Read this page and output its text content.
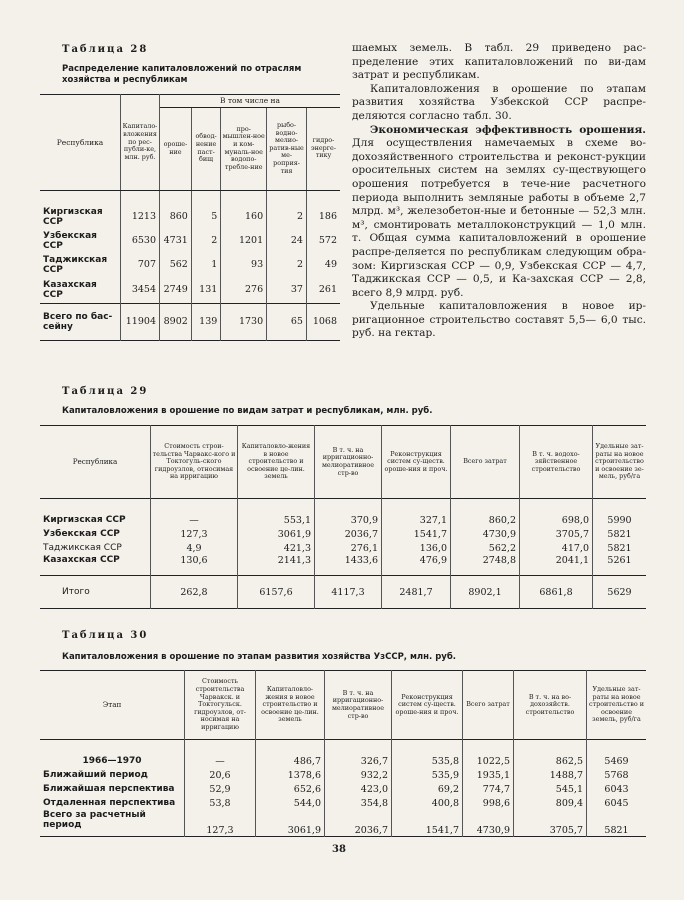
Таблица 28
Распределение капиталовложений по отраслям хозяйства и республикам
Республика	Капитало-вложения по рес-публи-ке, млн. руб.	В том числе на				
		ороше-ние	обвод-нение паст-бищ	про-мышлен-ное и ком-муналь-ное водопо-требле-ние	рыбо-водно-мелио-ратив-ные ме-роприя-тия	гидро-энерге-тику

Киргизская ССР	1213	860	5	160	2	186
Узбекская ССР	6530	4731	2	1201	24	572
Таджикская ССР	707	562	1	93	2	49
Казахская ССР	3454	2749	131	276	37	261
Всего по бас-сейну	11904	8902	139	1730	65	1068

шаемых земель. В табл. 29 приведено рас-пределение этих капиталовложений по ви-дам затрат и республикам.

Капиталовложения в орошение по этапам развития хозяйства Узбекской ССР распре-деляются согласно табл. 30.

Экономическая эффективность орошения. Для осуществления намечаемых в схеме во-дохозяйственного строительства и реконст-рукции оросительных систем на землях су-ществующего орошения потребуется в тече-ние расчетного периода выполнить земляные работы в объеме 2,7 млрд. м³, железобетон-ные и бетонные — 52,3 млн. м³, смонтировать металлоконструкций — 1,0 млн. т. Общая сумма капиталовложений в орошение распре-деляется по республикам следующим обра-зом: Киргизская ССР — 0,9, Узбекская ССР — 4,7, Таджикская ССР — 0,5, и Ка-захская ССР — 2,8, всего 8,9 млрд. руб.

Удельные капиталовложения в новое ир-ригационное строительство составят 5,5— 6,0 тыс. руб. на гектар.

Таблица 29
Капиталовложения в орошение по видам затрат и республикам, млн. руб.
Республика	Стоимость строи-тельства Чарвакс-кого и Токтогуль-ского гидроузлов, относимая на ирригацию	Капиталовло-жения в новое строительство и освоение це-лин. земель	В т. ч. на ирригационно-мелиоративное стр-во	Реконструкция систем су-ществ. ороше-ния и проч.	Всего затрат	В т. ч. водохо-зяйственное строительство	Удельные зат-раты на новое строительство и освоение зе-мель, руб/га

Киргизская ССР	—	553,1	370,9	327,1	860,2	698,0	5990
Узбекская ССР	127,3	3061,9	2036,7	1541,7	4730,9	3705,7	5821
Таджикская ССР	4,9	421,3	276,1	136,0	562,2	417,0	5821
Казахская ССР	130,6	2141,3	1433,6	476,9	2748,8	2041,1	5261
Итого	262,8	6157,6	4117,3	2481,7	8902,1	6861,8	5629
Таблица 30
Капиталовложения в орошение по этапам развития хозяйства УзССР, млн. руб.
Этап	Стоимость строительства Чарвакск. и Токтогульск. гидроузлов, от-носимая на ирригацию	Капиталовло-жения в новое строительство и освоение це-лин. земель	В т. ч. на ирригационно-мелиоративное стр-во	Реконструкция систем су-ществ. ороше-ния и проч.	Всего затрат	В т. ч. на во-дохозяйств. строительство	Удельные зат-раты на новое строительство и освоение земель, руб/га

1966—1970	—	486,7	326,7	535,8	1022,5	862,5	5469
Ближайший период	20,6	1378,6	932,2	535,9	1935,1	1488,7	5768
Ближайшая перспектива	52,9	652,6	423,0	69,2	774,7	545,1	6043
Отдаленная перспектива	53,8	544,0	354,8	400,8	998,6	809,4	6045
Всего за расчетный период	127,3	3061,9	2036,7	1541,7	4730,9	3705,7	5821
38
